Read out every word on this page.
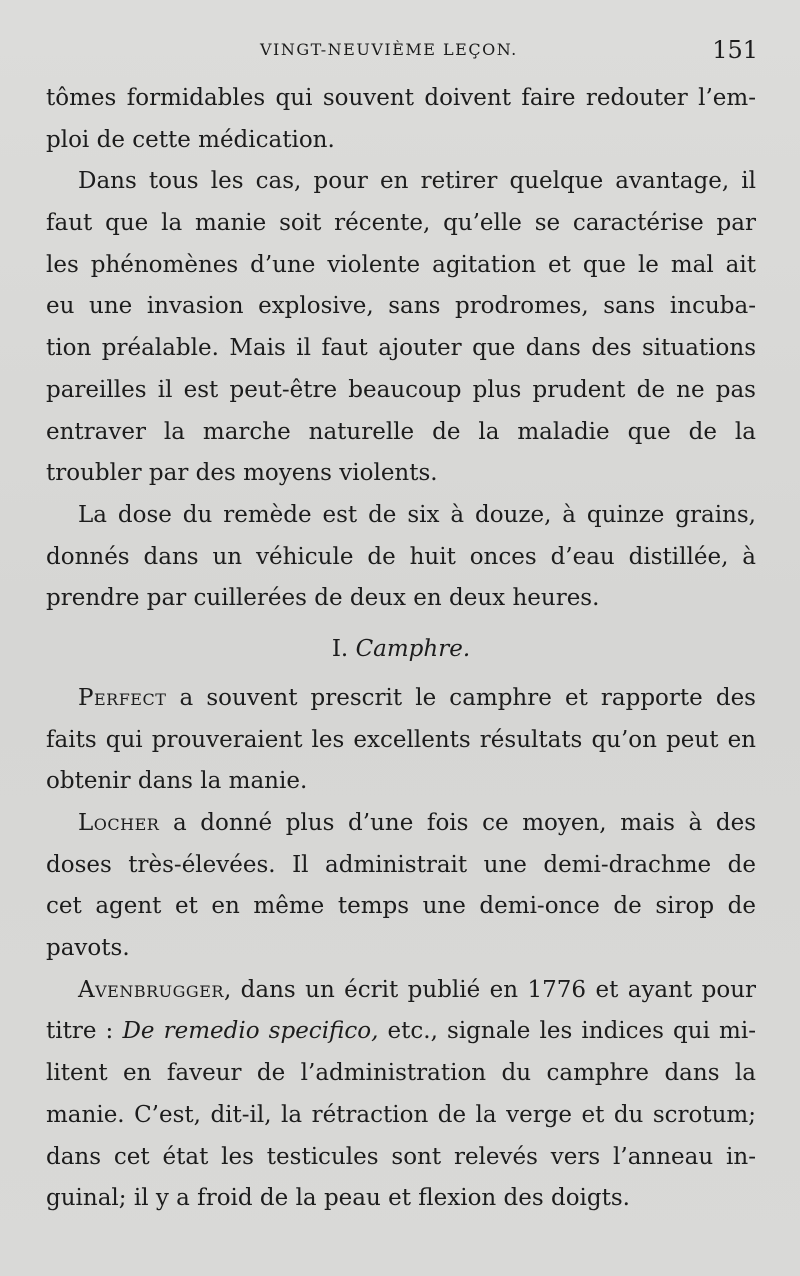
VINGT-NEUVIÈME LEÇON.	151
tômes formidables qui souvent doivent faire redouter l’em-
ploi de cette médication.
Dans tous les cas, pour en retirer quelque avantage, il
faut que la manie soit récente, qu’elle se caractérise par
les phénomènes d’une violente agitation et que le mal ait
eu une invasion explosive, sans prodromes, sans incuba-
tion préalable. Mais il faut ajouter que dans des situations
pareilles il est peut-être beaucoup plus prudent de ne pas
entraver la marche naturelle de la maladie que de la
troubler par des moyens violents.
La dose du remède est de six à douze, à quinze grains,
donnés dans un véhicule de huit onces d’eau distillée, à
prendre par cuillerées de deux en deux heures.
I. Camphre.
Perfect a souvent prescrit le camphre et rapporte des
faits qui prouveraient les excellents résultats qu’on peut en
obtenir dans la manie.
Locher a donné plus d’une fois ce moyen, mais à des
doses très-élevées. Il administrait une demi-drachme de
cet agent et en même temps une demi-once de sirop de
pavots.
Avenbrugger, dans un écrit publié en 1776 et ayant pour
titre : De remedio specifico, etc., signale les indices qui mi-
litent en faveur de l’administration du camphre dans la
manie. C’est, dit-il, la rétraction de la verge et du scrotum;
dans cet état les testicules sont relevés vers l’anneau in-
guinal; il y a froid de la peau et flexion des doigts.
